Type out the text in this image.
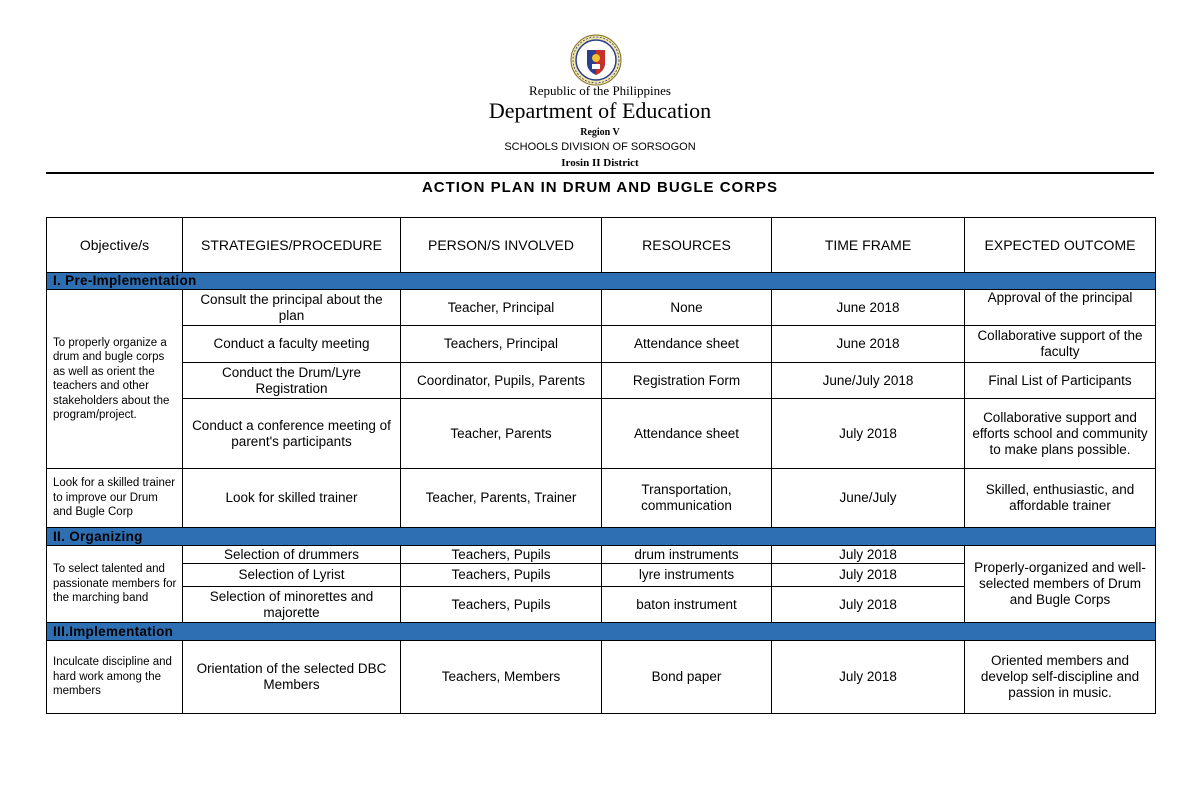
Republic of the Philippines
Department of Education
Region V
SCHOOLS DIVISION OF SORSOGON
Irosin II District
ACTION PLAN IN DRUM AND BUGLE CORPS
Objective/s	STRATEGIES/PROCEDURE	PERSON/S INVOLVED	RESOURCES	TIME FRAME	EXPECTED OUTCOME
I. Pre-Implementation					
To properly organize a drum and bugle corps as well as orient the teachers and other stakeholders about the program/project.	Consult the principal about the plan	Teacher, Principal	None	June 2018	Approval of the principal
	Conduct a faculty meeting	Teachers, Principal	Attendance sheet	June 2018	Collaborative support of the faculty
	Conduct the Drum/Lyre Registration	Coordinator, Pupils, Parents	Registration Form	June/July 2018	Final List of Participants
	Conduct a conference meeting of parent's participants	Teacher, Parents	Attendance sheet	July 2018	Collaborative support and efforts school and community to make plans possible.
Look for a skilled trainer to improve our Drum and Bugle Corp	Look for skilled trainer	Teacher, Parents, Trainer	Transportation, communication	June/July	Skilled, enthusiastic, and affordable trainer
II. Organizing					
To select talented and passionate members for the marching band	Selection of drummers	Teachers, Pupils	drum instruments	July 2018	Properly-organized and well-selected members of Drum and Bugle Corps
	Selection of Lyrist	Teachers, Pupils	lyre instruments	July 2018	
	Selection of minorettes and majorette	Teachers, Pupils	baton instrument	July 2018	
III.Implementation					
Inculcate discipline and hard work among the members	Orientation of the selected DBC Members	Teachers, Members	Bond paper	July 2018	Oriented members and develop self-discipline and passion in music.
